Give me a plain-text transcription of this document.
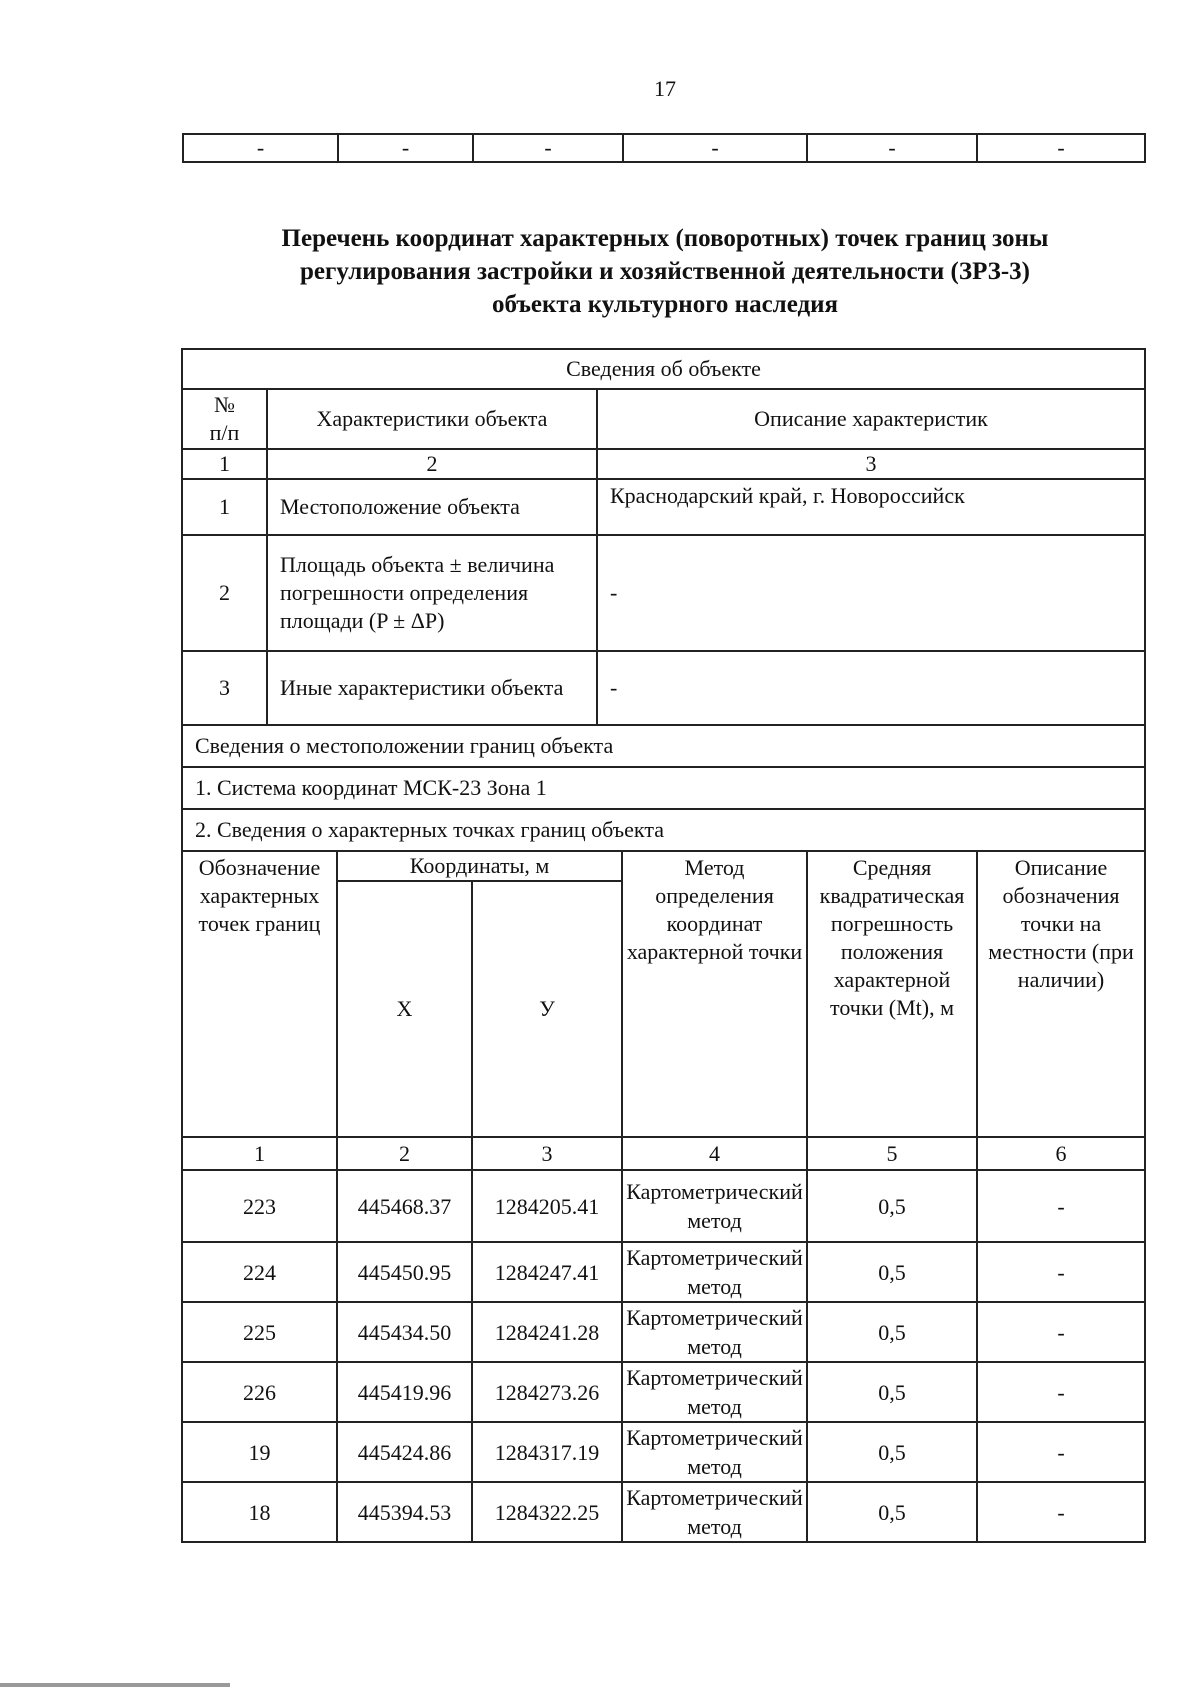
17
-	-	-	-	-	-
Перечень координат характерных (поворотных) точек границ зоны
регулирования застройки и хозяйственной деятельности (ЗРЗ-3)
объекта культурного наследия
Сведения об объекте		

№
п/п	Характеристики объекта	Описание характеристик
1	2	3
1	Местоположение объекта	Краснодарский край, г. Новороссийск
2	Площадь объекта ± величина погрешности определения площади (P ± ΔP)	-
3	Иные характеристики объекта	-
Сведения о местоположении границ объекта		
1. Система координат МСК-23 Зона 1		
2. Сведения о характерных точках границ объекта		
Обозначение характерных точек границ	Координаты, м		Метод определения координат характерной точки	Средняя квадратическая погрешность положения характерной точки (Mt), м	Описание обозначения точки на местности (при наличии)
	Х	У			
1	2	3	4	5	6
223	445468.37	1284205.41	Картометрический метод	0,5	-
224	445450.95	1284247.41	Картометрический метод	0,5	-
225	445434.50	1284241.28	Картометрический метод	0,5	-
226	445419.96	1284273.26	Картометрический метод	0,5	-
19	445424.86	1284317.19	Картометрический метод	0,5	-
18	445394.53	1284322.25	Картометрический метод	0,5	-
